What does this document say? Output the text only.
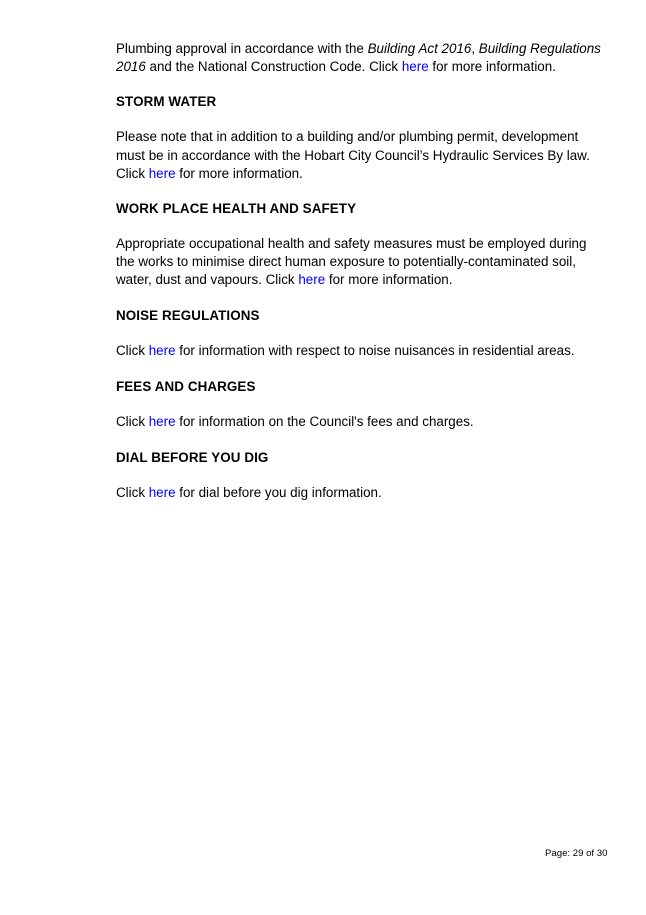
Plumbing approval in accordance with the Building Act 2016, Building Regulations 2016 and the National Construction Code. Click here for more information.

STORM WATER

Please note that in addition to a building and/or plumbing permit, development must be in accordance with the Hobart City Council’s Hydraulic Services By law. Click here for more information.

WORK PLACE HEALTH AND SAFETY

Appropriate occupational health and safety measures must be employed during the works to minimise direct human exposure to potentially-contaminated soil, water, dust and vapours. Click here for more information.

NOISE REGULATIONS

Click here for information with respect to noise nuisances in residential areas.

FEES AND CHARGES

Click here for information on the Council's fees and charges.

DIAL BEFORE YOU DIG

Click here for dial before you dig information.

Page: 29 of 30
